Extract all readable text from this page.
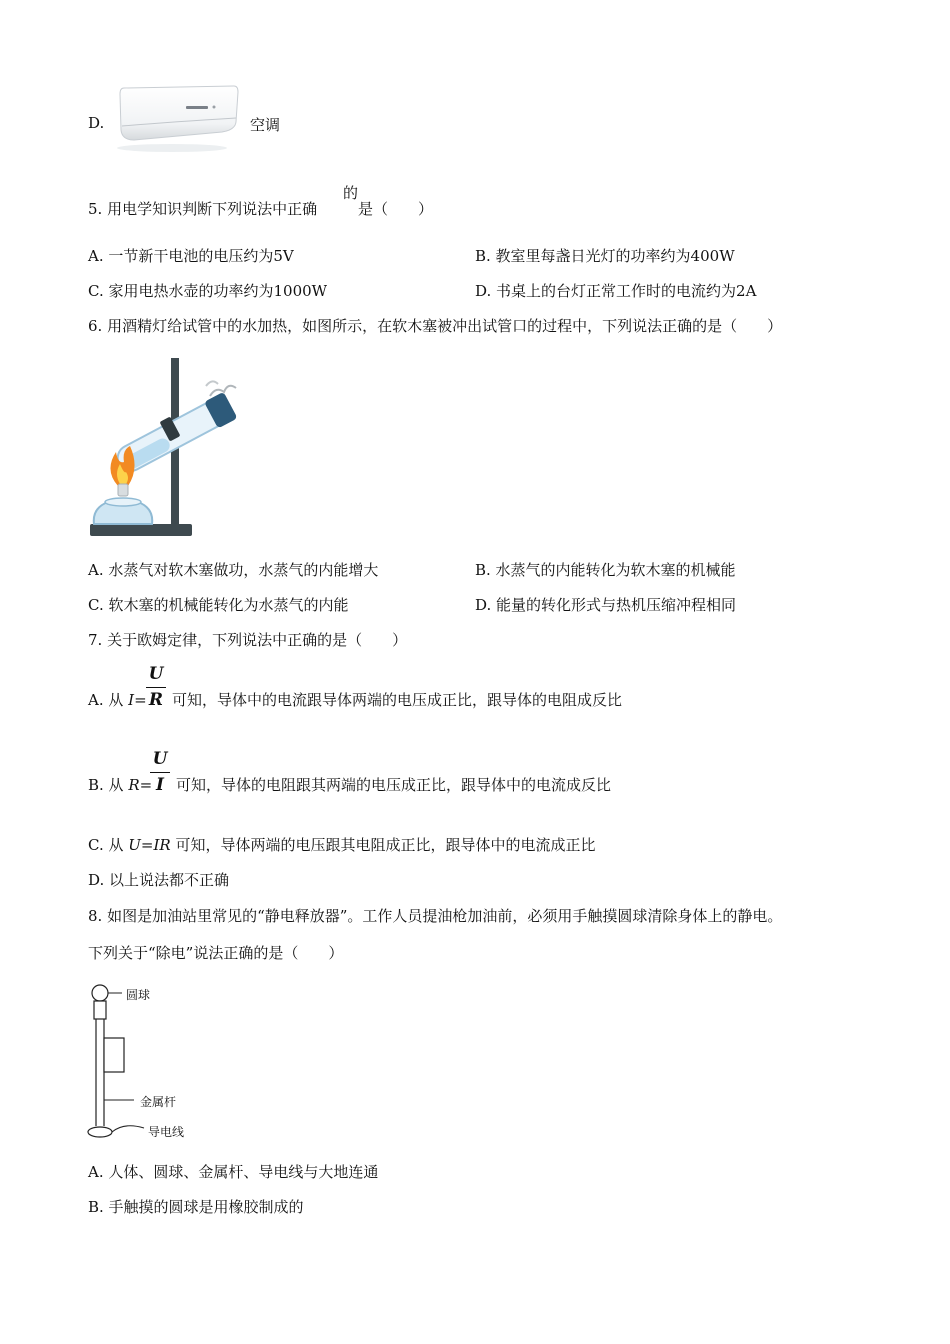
D.	空调
5. 用电学知识判断下列说法中正确
的
是（　　）
A. 一节新干电池的电压约为5V	B. 教室里每盏日光灯的功率约为400W
C. 家用电热水壶的功率约为1000W	D. 书桌上的台灯正常工作时的电流约为2A
6. 用酒精灯给试管中的水加热，如图所示，在软木塞被冲出试管口的过程中，下列说法正确的是（　　）
A. 水蒸气对软木塞做功，水蒸气的内能增大	B. 水蒸气的内能转化为软木塞的机械能
C. 软木塞的机械能转化为水蒸气的内能	D. 能量的转化形式与热机压缩冲程相同
7. 关于欧姆定律，下列说法中正确的是（　　）
A. 从 I=
U
R 可知，导体中的电流跟导体两端的电压成正比，跟导体的电阻成反比
B. 从 R=
U
I 可知，导体的电阻跟其两端的电压成正比，跟导体中的电流成反比
C. 从 U=IR 可知，导体两端的电压跟其电阻成正比，跟导体中的电流成正比
D. 以上说法都不正确
8. 如图是加油站里常见的“静电释放器”。工作人员提油枪加油前，必须用手触摸圆球清除身体上的静电。
下列关于“除电”说法正确的是（　　）
圆球
金属杆
导电线
A. 人体、圆球、金属杆、导电线与大地连通
B. 手触摸的圆球是用橡胶制成的
